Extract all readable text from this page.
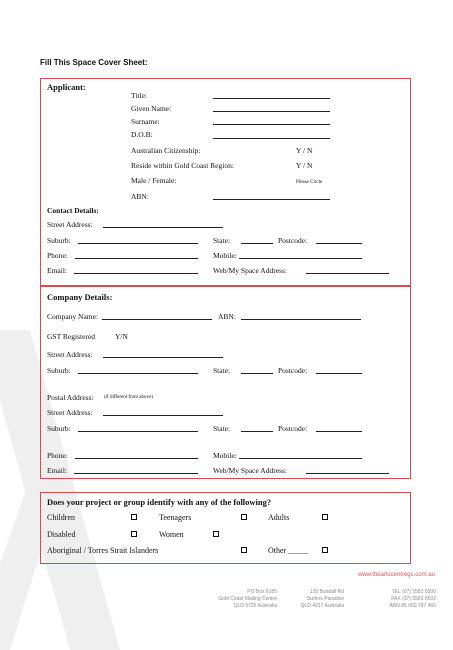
Fill This Space Cover Sheet:
Applicant:
Title:
Given Name:
Surname:
D.O.B:
Australian Citizenship:	Y / N
Reside within Gold Coast Region:	Y / N
Male / Female:	Please Circle
ABN:
Contact Details:
Street Address:
Suburb:	State:	Postcode:
Phone:	Mobile:
Email:	Web/My Space Address:
Company Details:
Company Name:	ABN:
GST Registered	Y/N
Street Address:
Suburb:	State:	Postcode:
Postal Address: (if different from above)
Street Address:
Suburb:	State:	Postcode:
Phone:	Mobile:
Email:	Web/My Space Address:
Does your project or group identify with any of the following?
Children	Teenagers	Adults
Disabled	Women
Aboriginal / Torres Strait Islanders	Other _____
www.theartscentregc.com.au
PO Box 6185
Gold Coast Mailing Centre
QLD 9726 Australia
135 Bundall Rd
Surfers Paradise
QLD 4217 Australia
TEL (07) 5581 6500
FAX (07) 5581 6592
ABN 85 060 787 466
